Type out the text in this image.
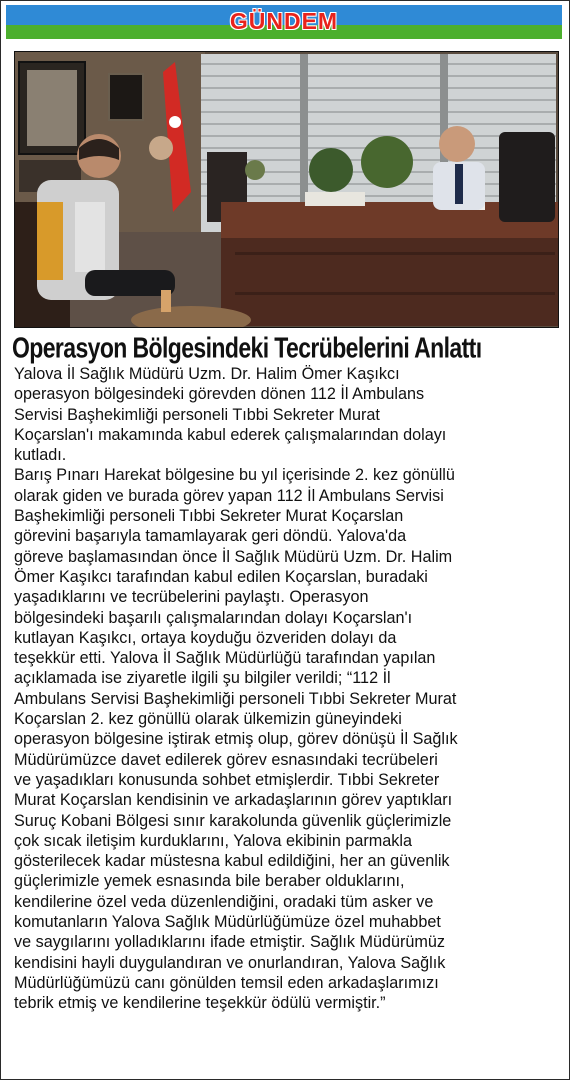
GÜNDEM
Operasyon Bölgesindeki Tecrübelerini Anlattı
Yalova İl Sağlık Müdürü Uzm. Dr. Halim Ömer Kaşıkcı
operasyon bölgesindeki görevden dönen 112 İl Ambulans
Servisi Başhekimliği personeli Tıbbi Sekreter Murat
Koçarslan'ı makamında kabul ederek çalışmalarından dolayı
kutladı.
Barış Pınarı Harekat bölgesine bu yıl içerisinde 2. kez gönüllü
olarak giden ve burada görev yapan 112 İl Ambulans Servisi
Başhekimliği personeli Tıbbi Sekreter Murat Koçarslan
görevini başarıyla tamamlayarak geri döndü. Yalova'da
göreve başlamasından önce İl Sağlık Müdürü Uzm. Dr. Halim
Ömer Kaşıkcı tarafından kabul edilen Koçarslan, buradaki
yaşadıklarını ve tecrübelerini paylaştı. Operasyon
bölgesindeki başarılı çalışmalarından dolayı Koçarslan'ı
kutlayan Kaşıkcı, ortaya koyduğu özveriden dolayı da
teşekkür etti. Yalova İl Sağlık Müdürlüğü tarafından yapılan
açıklamada ise ziyaretle ilgili şu bilgiler verildi; “112 İl
Ambulans Servisi Başhekimliği personeli Tıbbi Sekreter Murat
Koçarslan 2. kez gönüllü olarak ülkemizin güneyindeki
operasyon bölgesine iştirak etmiş olup, görev dönüşü İl Sağlık
Müdürümüzce davet edilerek görev esnasındaki tecrübeleri
ve yaşadıkları konusunda sohbet etmişlerdir. Tıbbi Sekreter
Murat Koçarslan kendisinin ve arkadaşlarının görev yaptıkları
Suruç Kobani Bölgesi sınır karakolunda güvenlik güçlerimizle
çok sıcak iletişim kurduklarını, Yalova ekibinin parmakla
gösterilecek kadar müstesna kabul edildiğini, her an güvenlik
güçlerimizle yemek esnasında bile beraber olduklarını,
kendilerine özel veda düzenlendiğini, oradaki tüm asker ve
komutanların Yalova Sağlık Müdürlüğümüze özel muhabbet
ve saygılarını yolladıklarını ifade etmiştir. Sağlık Müdürümüz
kendisini hayli duygulandıran ve onurlandıran, Yalova Sağlık
Müdürlüğümüzü canı gönülden temsil eden arkadaşlarımızı
tebrik etmiş ve kendilerine teşekkür ödülü vermiştir.”
